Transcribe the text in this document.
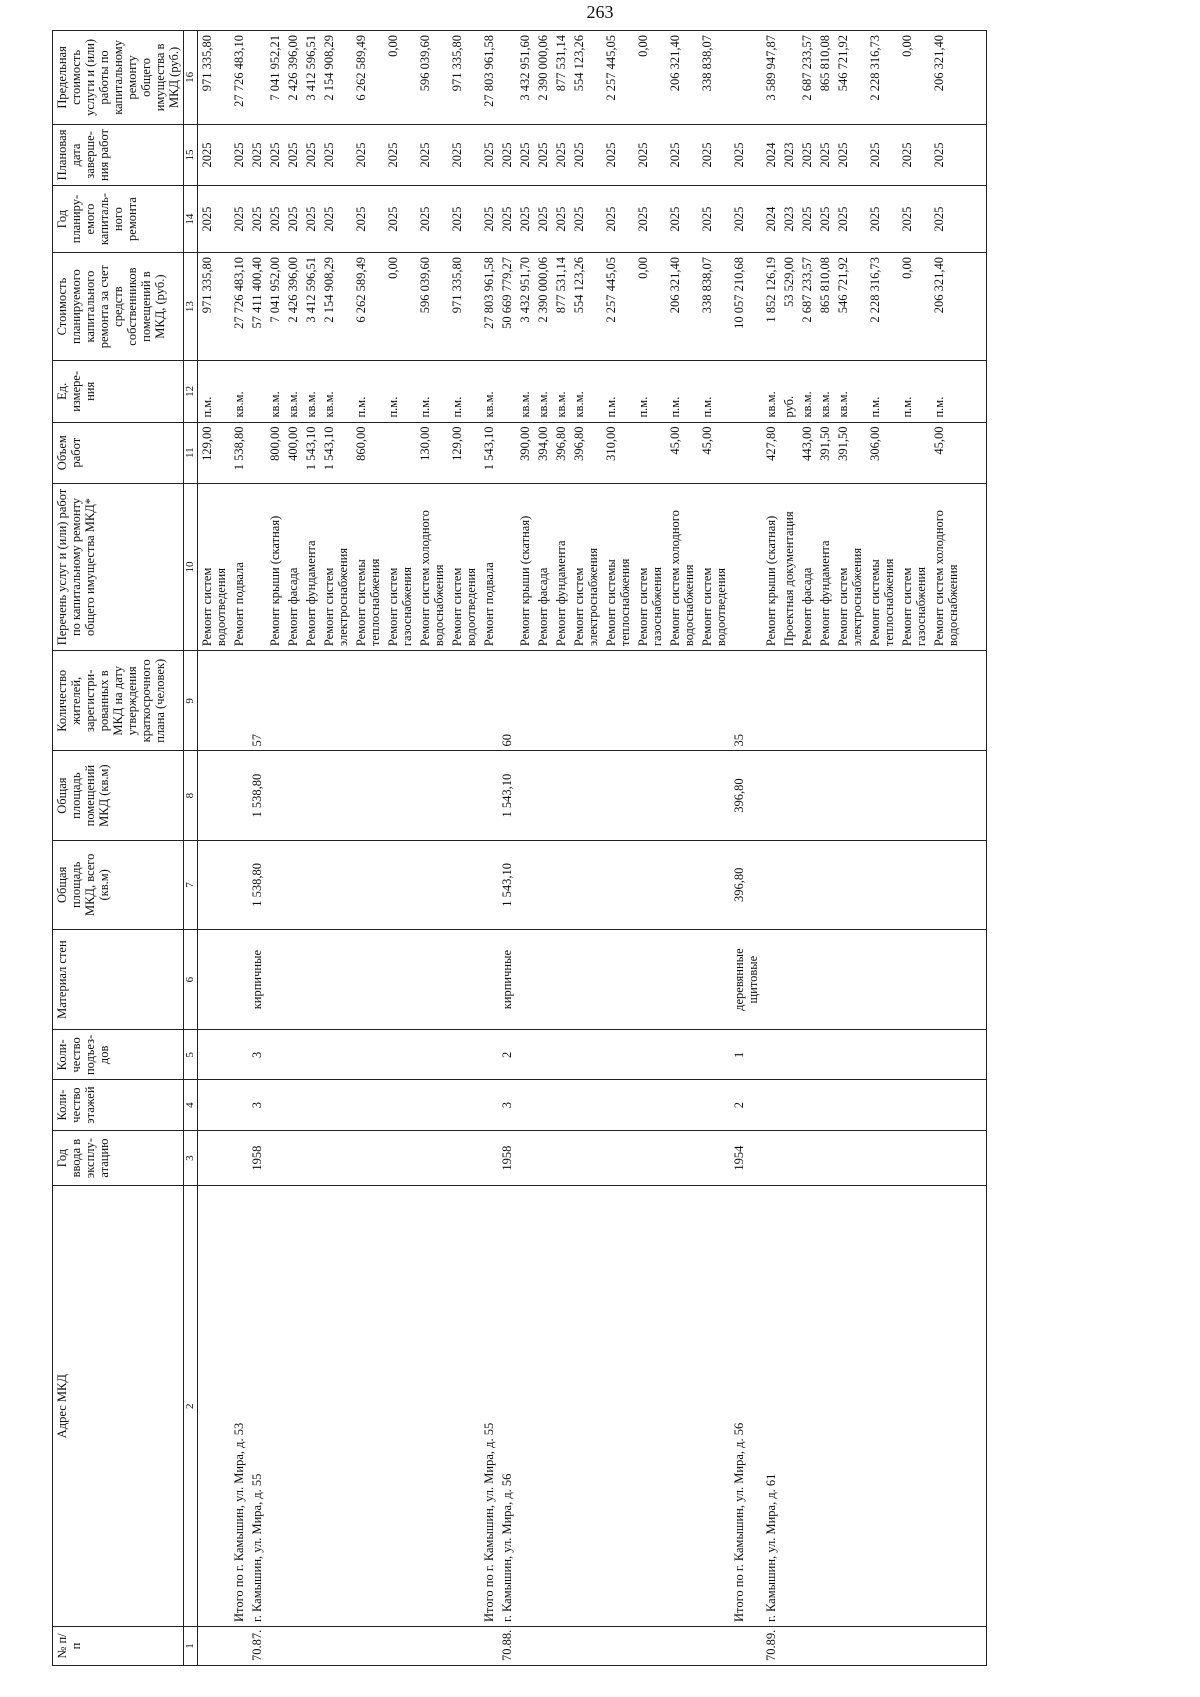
263
№ п/п	Адрес МКД	Год ввода в эксплу-атацию	Коли-чество этажей	Коли-чество подъез-дов	Материал стен	Общая площадь МКД, всего (кв.м)	Общая площадь помещений МКД (кв.м)	Количество жителей, зарегистри-рованных в МКД на дату утверждения краткосрочного плана (человек)	Перечень услуг и (или) работ по капитальному ремонту общего имущества МКД*	Объем работ	Ед. измере-ния	Стоимость планируемого капитального ремонта за счет средств собственников помещений в МКД, (руб.)	Год планиру-емого капиталь-ного ремонта	Плановая дата заверше-ния работ	Предельная стоимость услуги и (или) работы по капитальному ремонту общего имущества в МКД (руб.)
1	2	3	4	5	6	7	8	9	10	11	12	13	14	15	16
									Ремонт систем водоотведения	129,00	п.м.	971 335,80	2025	2025	971 335,80
	Итого по г. Камышин, ул. Мира, д. 53								Ремонт подвала	1 538,80	кв.м.	27 726 483,10	2025	2025	27 726 483,10
70.87.	г. Камышин, ул. Мира, д. 55	1958	3	3	кирпичные	1 538,80	1 538,80	57				57 411 400,40	2025	2025	
									Ремонт крыши (скатная)	800,00	кв.м.	7 041 952,00	2025	2025	7 041 952,21
									Ремонт фасада	400,00	кв.м.	2 426 396,00	2025	2025	2 426 396,00
									Ремонт фундамента	1 543,10	кв.м.	3 412 596,51	2025	2025	3 412 596,51
									Ремонт систем электроснабжения	1 543,10	кв.м.	2 154 908,29	2025	2025	2 154 908,29
									Ремонт системы теплоснабжения	860,00	п.м.	6 262 589,49	2025	2025	6 262 589,49
									Ремонт систем газоснабжения		п.м.	0,00	2025	2025	0,00
									Ремонт систем холодного водоснабжения	130,00	п.м.	596 039,60	2025	2025	596 039,60
									Ремонт систем водоотведения	129,00	п.м.	971 335,80	2025	2025	971 335,80
	Итого по г. Камышин, ул. Мира, д. 55								Ремонт подвала	1 543,10	кв.м.	27 803 961,58	2025	2025	27 803 961,58
70.88.	г. Камышин, ул. Мира, д. 56	1958	3	2	кирпичные	1 543,10	1 543,10	60				50 669 779,27	2025	2025	
									Ремонт крыши (скатная)	390,00	кв.м.	3 432 951,70	2025	2025	3 432 951,60
									Ремонт фасада	394,00	кв.м.	2 390 000,06	2025	2025	2 390 000,06
									Ремонт фундамента	396,80	кв.м.	877 531,14	2025	2025	877 531,14
									Ремонт систем электроснабжения	396,80	кв.м.	554 123,26	2025	2025	554 123,26
									Ремонт системы теплоснабжения	310,00	п.м.	2 257 445,05	2025	2025	2 257 445,05
									Ремонт систем газоснабжения		п.м.	0,00	2025	2025	0,00
									Ремонт систем холодного водоснабжения	45,00	п.м.	206 321,40	2025	2025	206 321,40
									Ремонт систем водоотведения	45,00	п.м.	338 838,07	2025	2025	338 838,07
	Итого по г. Камышин, ул. Мира, д. 56	1954	2	1	деревянные щитовые	396,80	396,80	35				10 057 210,68	2025	2025	
70.89.	г. Камышин, ул. Мира, д. 61								Ремонт крыши (скатная)	427,80	кв.м.	1 852 126,19	2024	2024	3 589 947,87
									Проектная документация		руб.	53 529,00	2023	2023	
									Ремонт фасада	443,00	кв.м.	2 687 233,57	2025	2025	2 687 233,57
									Ремонт фундамента	391,50	кв.м.	865 810,08	2025	2025	865 810,08
									Ремонт систем электроснабжения	391,50	кв.м.	546 721,92	2025	2025	546 721,92
									Ремонт системы теплоснабжения	306,00	п.м.	2 228 316,73	2025	2025	2 228 316,73
									Ремонт систем газоснабжения		п.м.	0,00	2025	2025	0,00
									Ремонт систем холодного водоснабжения	45,00	п.м.	206 321,40	2025	2025	206 321,40
